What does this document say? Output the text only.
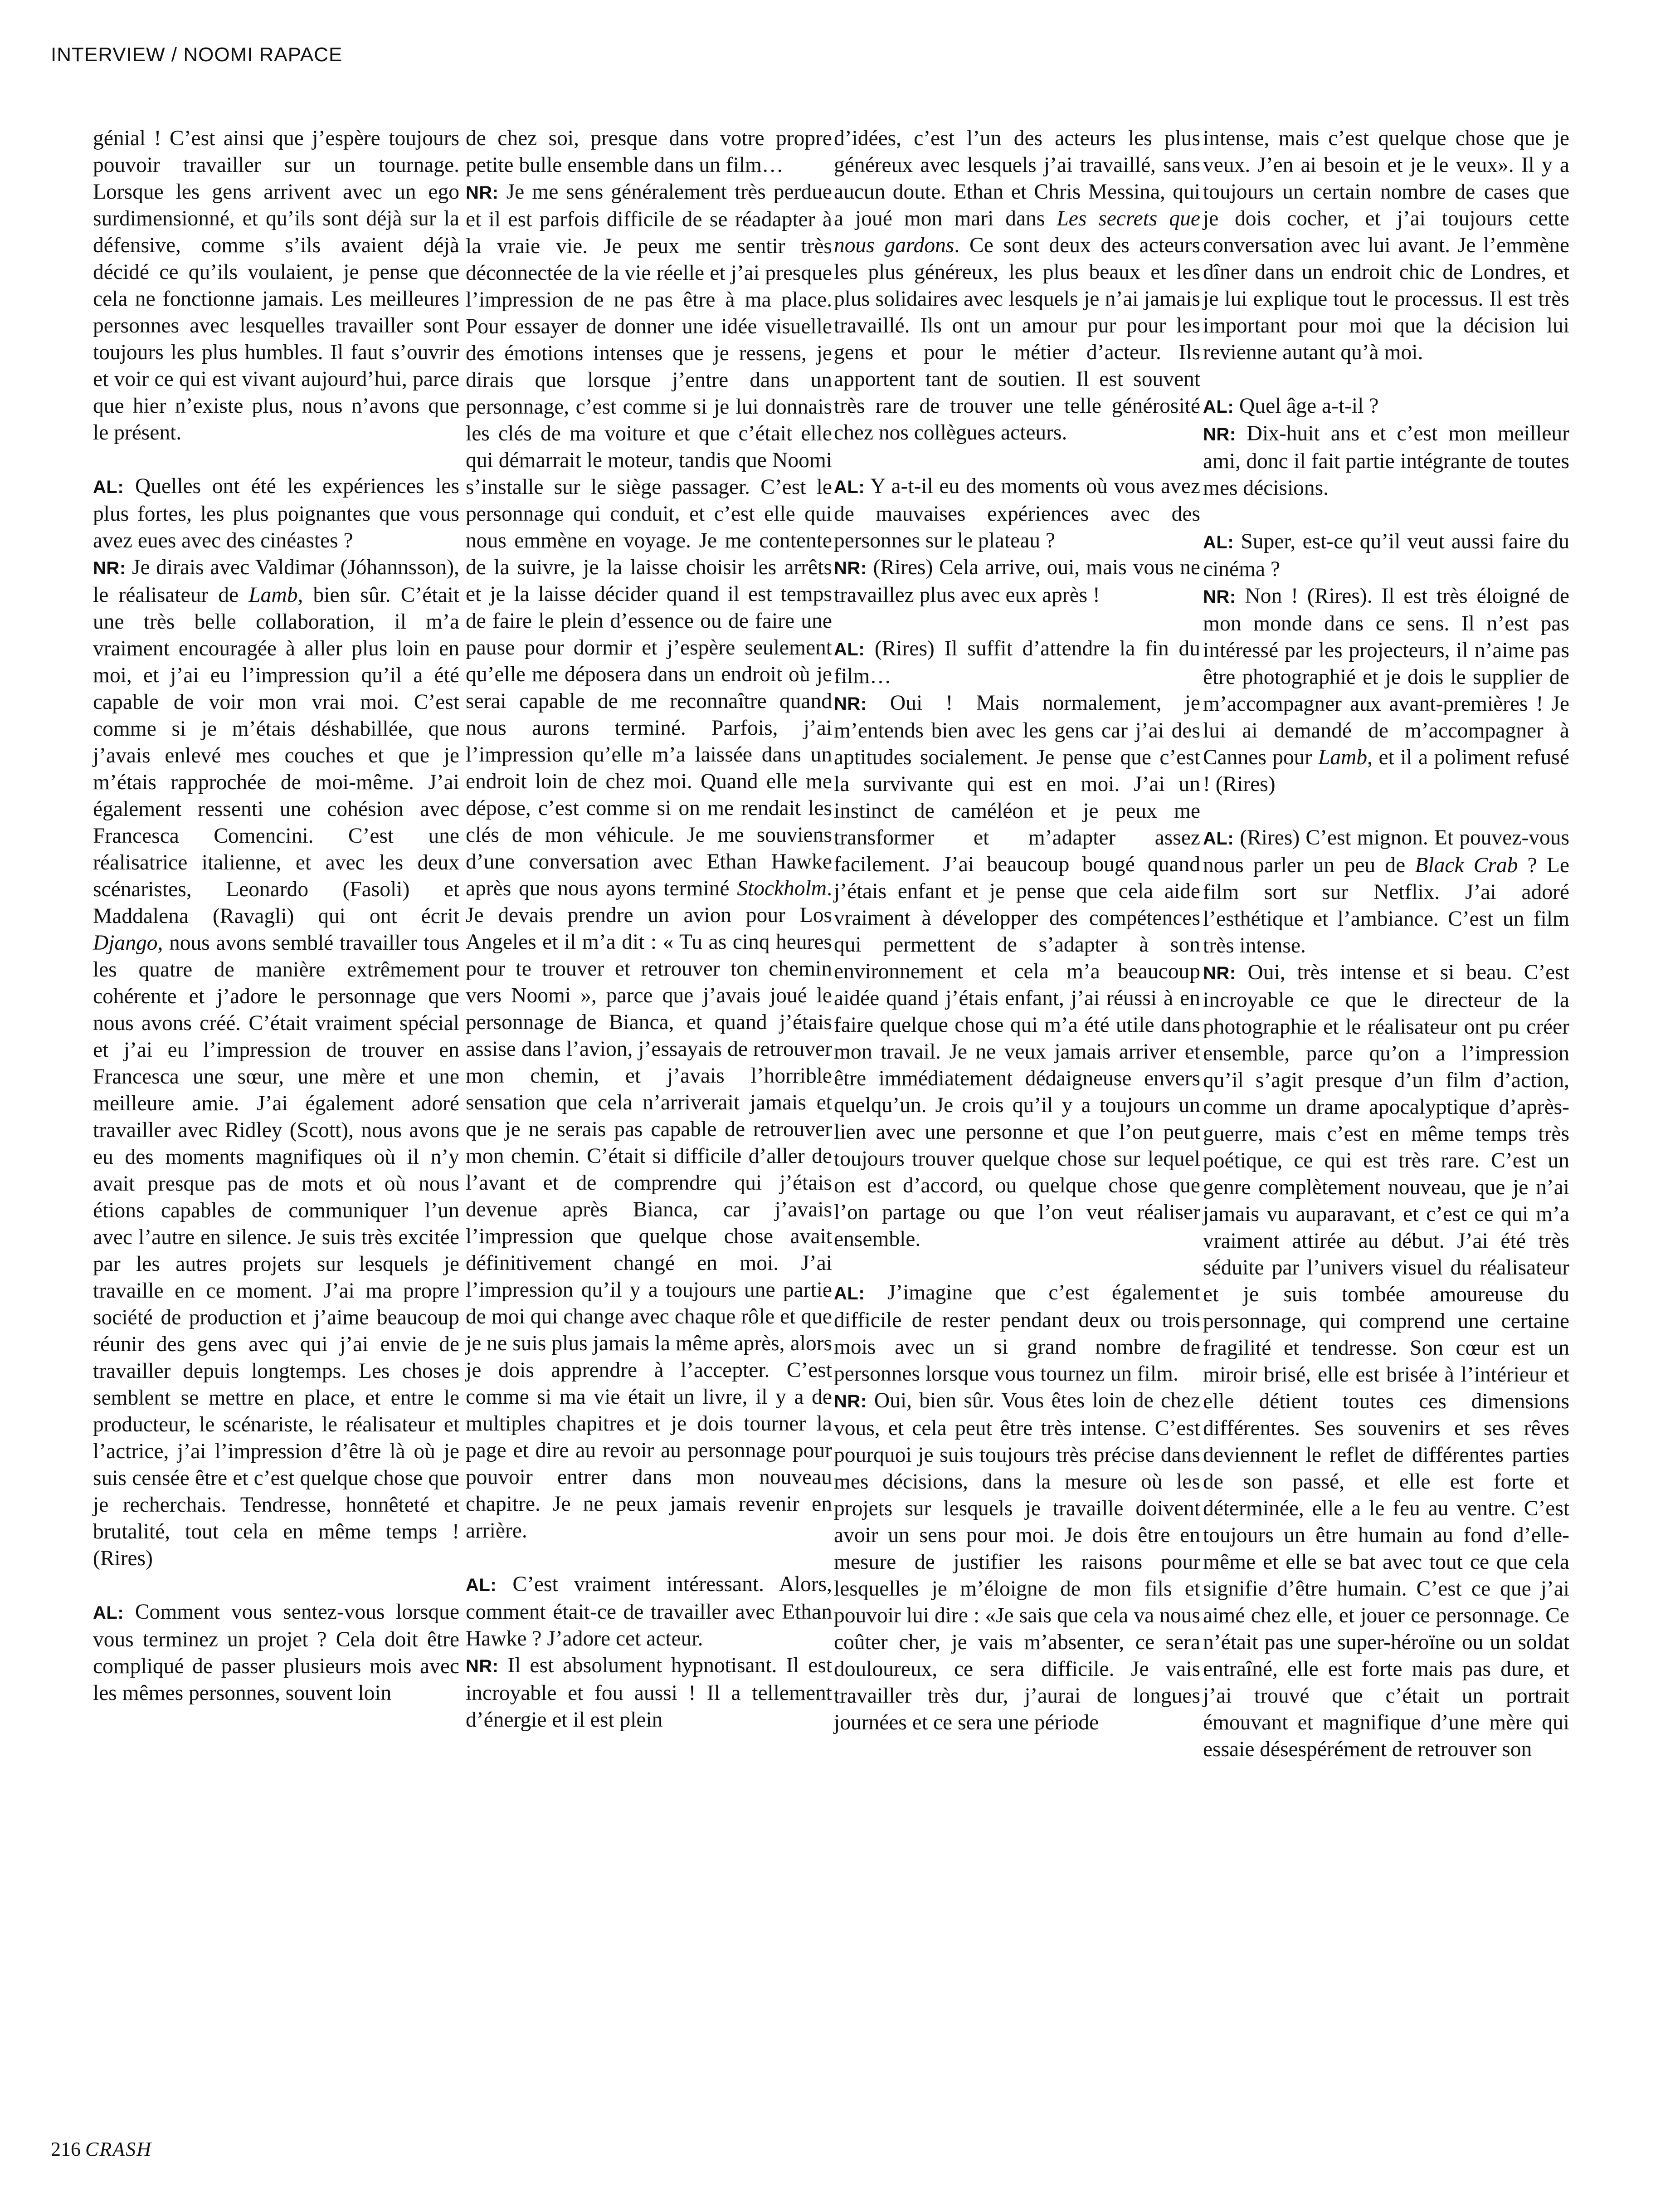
INTERVIEW / NOOMI RAPACE

génial ! C’est ainsi que j’espère toujours pouvoir travailler sur un tournage. Lorsque les gens arrivent avec un ego surdimensionné, et qu’ils sont déjà sur la défensive, comme s’ils avaient déjà décidé ce qu’ils voulaient, je pense que cela ne fonctionne jamais. Les meilleures personnes avec lesquelles travailler sont toujours les plus humbles. Il faut s’ouvrir et voir ce qui est vivant aujourd’hui, parce que hier n’existe plus, nous n’avons que le présent.

AL: Quelles ont été les expériences les plus fortes, les plus poignantes que vous avez eues avec des cinéastes ?

NR: Je dirais avec Valdimar (Jóhannsson), le réalisateur de Lamb, bien sûr. C’était une très belle collaboration, il m’a vraiment encouragée à aller plus loin en moi, et j’ai eu l’impression qu’il a été capable de voir mon vrai moi. C’est comme si je m’étais déshabillée, que j’avais enlevé mes couches et que je m’étais rapprochée de moi-même. J’ai également ressenti une cohésion avec Francesca Comencini. C’est une réalisatrice italienne, et avec les deux scénaristes, Leonardo (Fasoli) et Maddalena (Ravagli) qui ont écrit Django, nous avons semblé travailler tous les quatre de manière extrêmement cohérente et j’adore le personnage que nous avons créé. C’était vraiment spécial et j’ai eu l’impression de trouver en Francesca une sœur, une mère et une meilleure amie. J’ai également adoré travailler avec Ridley (Scott), nous avons eu des moments magnifiques où il n’y avait presque pas de mots et où nous étions capables de communiquer l’un avec l’autre en silence. Je suis très excitée par les autres projets sur lesquels je travaille en ce moment. J’ai ma propre société de production et j’aime beaucoup réunir des gens avec qui j’ai envie de travailler depuis longtemps. Les choses semblent se mettre en place, et entre le producteur, le scénariste, le réalisateur et l’actrice, j’ai l’impression d’être là où je suis censée être et c’est quelque chose que je recherchais. Tendresse, honnêteté et brutalité, tout cela en même temps ! (Rires)

AL: Comment vous sentez-vous lorsque vous terminez un projet ? Cela doit être compliqué de passer plusieurs mois avec les mêmes personnes, souvent loin

de chez soi, presque dans votre propre petite bulle ensemble dans un film…

NR: Je me sens généralement très perdue et il est parfois difficile de se réadapter à la vraie vie. Je peux me sentir très déconnectée de la vie réelle et j’ai presque l’impression de ne pas être à ma place. Pour essayer de donner une idée visuelle des émotions intenses que je ressens, je dirais que lorsque j’entre dans un personnage, c’est comme si je lui donnais les clés de ma voiture et que c’était elle qui démarrait le moteur, tandis que Noomi s’installe sur le siège passager. C’est le personnage qui conduit, et c’est elle qui nous emmène en voyage. Je me contente de la suivre, je la laisse choisir les arrêts et je la laisse décider quand il est temps de faire le plein d’essence ou de faire une pause pour dormir et j’espère seulement qu’elle me déposera dans un endroit où je serai capable de me reconnaître quand nous aurons terminé. Parfois, j’ai l’impression qu’elle m’a laissée dans un endroit loin de chez moi. Quand elle me dépose, c’est comme si on me rendait les clés de mon véhicule. Je me souviens d’une conversation avec Ethan Hawke après que nous ayons terminé Stockholm. Je devais prendre un avion pour Los Angeles et il m’a dit : « Tu as cinq heures pour te trouver et retrouver ton chemin vers Noomi », parce que j’avais joué le personnage de Bianca, et quand j’étais assise dans l’avion, j’essayais de retrouver mon chemin, et j’avais l’horrible sensation que cela n’arriverait jamais et que je ne serais pas capable de retrouver mon chemin. C’était si difficile d’aller de l’avant et de comprendre qui j’étais devenue après Bianca, car j’avais l’impression que quelque chose avait définitivement changé en moi. J’ai l’impression qu’il y a toujours une partie de moi qui change avec chaque rôle et que je ne suis plus jamais la même après, alors je dois apprendre à l’accepter. C’est comme si ma vie était un livre, il y a de multiples chapitres et je dois tourner la page et dire au revoir au personnage pour pouvoir entrer dans mon nouveau chapitre. Je ne peux jamais revenir en arrière.

AL: C’est vraiment intéressant. Alors, comment était-ce de travailler avec Ethan Hawke ? J’adore cet acteur.

NR: Il est absolument hypnotisant. Il est incroyable et fou aussi ! Il a tellement d’énergie et il est plein

d’idées, c’est l’un des acteurs les plus généreux avec lesquels j’ai travaillé, sans aucun doute. Ethan et Chris Messina, qui a joué mon mari dans Les secrets que nous gardons. Ce sont deux des acteurs les plus généreux, les plus beaux et les plus solidaires avec lesquels je n’ai jamais travaillé. Ils ont un amour pur pour les gens et pour le métier d’acteur. Ils apportent tant de soutien. Il est souvent très rare de trouver une telle générosité chez nos collègues acteurs.

AL: Y a-t-il eu des moments où vous avez de mauvaises expériences avec des personnes sur le plateau ?

NR: (Rires) Cela arrive, oui, mais vous ne travaillez plus avec eux après !

AL: (Rires) Il suffit d’attendre la fin du film…

NR: Oui ! Mais normalement, je m’entends bien avec les gens car j’ai des aptitudes socialement. Je pense que c’est la survivante qui est en moi. J’ai un instinct de caméléon et je peux me transformer et m’adapter assez facilement. J’ai beaucoup bougé quand j’étais enfant et je pense que cela aide vraiment à développer des compétences qui permettent de s’adapter à son environnement et cela m’a beaucoup aidée quand j’étais enfant, j’ai réussi à en faire quelque chose qui m’a été utile dans mon travail. Je ne veux jamais arriver et être immédiatement dédaigneuse envers quelqu’un. Je crois qu’il y a toujours un lien avec une personne et que l’on peut toujours trouver quelque chose sur lequel on est d’accord, ou quelque chose que l’on partage ou que l’on veut réaliser ensemble.

AL: J’imagine que c’est également difficile de rester pendant deux ou trois mois avec un si grand nombre de personnes lorsque vous tournez un film.

NR: Oui, bien sûr. Vous êtes loin de chez vous, et cela peut être très intense. C’est pourquoi je suis toujours très précise dans mes décisions, dans la mesure où les projets sur lesquels je travaille doivent avoir un sens pour moi. Je dois être en mesure de justifier les raisons pour lesquelles je m’éloigne de mon fils et pouvoir lui dire : «Je sais que cela va nous coûter cher, je vais m’absenter, ce sera douloureux, ce sera difficile. Je vais travailler très dur, j’aurai de longues journées et ce sera une période

intense, mais c’est quelque chose que je veux. J’en ai besoin et je le veux». Il y a toujours un certain nombre de cases que je dois cocher, et j’ai toujours cette conversation avec lui avant. Je l’emmène dîner dans un endroit chic de Londres, et je lui explique tout le processus. Il est très important pour moi que la décision lui revienne autant qu’à moi.

AL: Quel âge a-t-il ?

NR: Dix-huit ans et c’est mon meilleur ami, donc il fait partie intégrante de toutes mes décisions.

AL: Super, est-ce qu’il veut aussi faire du cinéma ?

NR: Non ! (Rires). Il est très éloigné de mon monde dans ce sens. Il n’est pas intéressé par les projecteurs, il n’aime pas être photographié et je dois le supplier de m’accompagner aux avant-premières ! Je lui ai demandé de m’accompagner à Cannes pour Lamb, et il a poliment refusé ! (Rires)

AL: (Rires) C’est mignon. Et pouvez-vous nous parler un peu de Black Crab ? Le film sort sur Netflix. J’ai adoré l’esthétique et l’ambiance. C’est un film très intense.

NR: Oui, très intense et si beau. C’est incroyable ce que le directeur de la photographie et le réalisateur ont pu créer ensemble, parce qu’on a l’impression qu’il s’agit presque d’un film d’action, comme un drame apocalyptique d’après-guerre, mais c’est en même temps très poétique, ce qui est très rare. C’est un genre complètement nouveau, que je n’ai jamais vu auparavant, et c’est ce qui m’a vraiment attirée au début. J’ai été très séduite par l’univers visuel du réalisateur et je suis tombée amoureuse du personnage, qui comprend une certaine fragilité et tendresse. Son cœur est un miroir brisé, elle est brisée à l’intérieur et elle détient toutes ces dimensions différentes. Ses souvenirs et ses rêves deviennent le reflet de différentes parties de son passé, et elle est forte et déterminée, elle a le feu au ventre. C’est toujours un être humain au fond d’elle-même et elle se bat avec tout ce que cela signifie d’être humain. C’est ce que j’ai aimé chez elle, et jouer ce personnage. Ce n’était pas une super-héroïne ou un soldat entraîné, elle est forte mais pas dure, et j’ai trouvé que c’était un portrait émouvant et magnifique d’une mère qui essaie désespérément de retrouver son

216 CRASH
